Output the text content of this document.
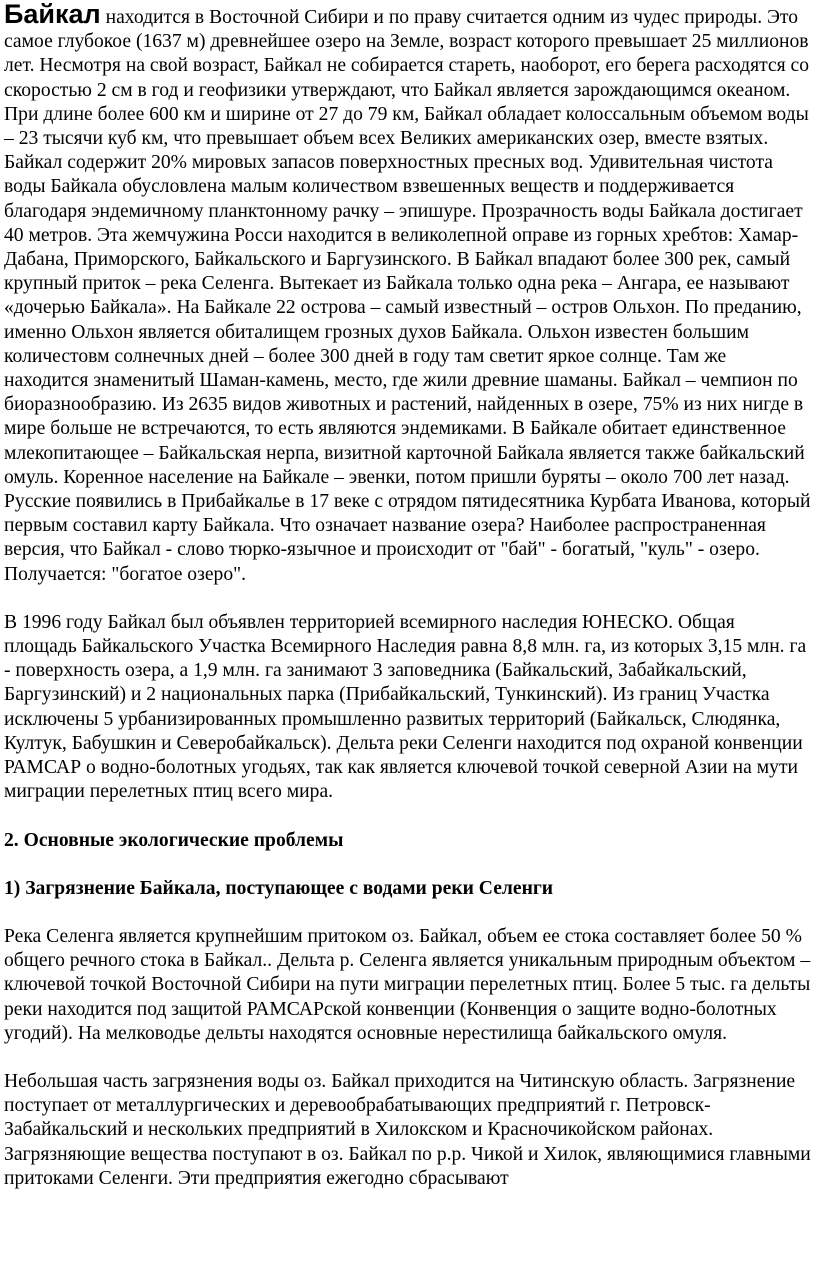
Байкал находится в Восточной Сибири и по праву считается одним из чудес природы. Это самое глубокое (1637 м) древнейшее озеро на Земле, возраст которого превышает 25 миллионов лет. Несмотря на свой возраст, Байкал не собирается стареть, наоборот, его берега расходятся со скоростью 2 см в год и геофизики утверждают, что Байкал является зарождающимся океаном. При длине более 600 км и ширине от 27 до 79 км, Байкал обладает колоссальным объемом воды – 23 тысячи куб км, что превышает объем всех Великих американских озер, вместе взятых. Байкал содержит 20% мировых запасов поверхностных пресных вод. Удивительная чистота воды Байкала обусловлена малым количеством взвешенных веществ и поддерживается благодаря эндемичному планктонному рачку – эпишуре. Прозрачность воды Байкала достигает 40 метров. Эта жемчужина Росси находится в великолепной оправе из горных хребтов: Хамар-Дабана, Приморского, Байкальского и Баргузинского. В Байкал впадают более 300 рек, самый крупный приток – река Селенга. Вытекает из Байкала только одна река – Ангара, ее называют «дочерью Байкала». На Байкале 22 острова – самый известный – остров Ольхон. По преданию, именно Ольхон является обиталищем грозных духов Байкала. Ольхон известен большим количестовм солнечных дней – более 300 дней в году там светит яркое солнце. Там же находится знаменитый Шаман-камень, место, где жили древние шаманы. Байкал – чемпион по биоразнообразию. Из 2635 видов животных и растений, найденных в озере, 75% из них нигде в мире больше не встречаются, то есть являются эндемиками. В Байкале обитает единственное млекопитающее – Байкальская нерпа, визитной карточной Байкала является также байкальский омуль. Коренное население на Байкале – эвенки, потом пришли буряты – около 700 лет назад. Русские появились в Прибайкалье в 17 веке с отрядом пятидесятника Курбата Иванова, который первым составил карту Байкала. Что означает название озера? Наиболее распространенная версия, что Байкал - слово тюрко-язычное и происходит от "бай" - богатый, "куль" - озеро. Получается: "богатое озеро".

В 1996 году Байкал был объявлен территорией всемирного наследия ЮНЕСКО. Общая площадь Байкальского Участка Всемирного Наследия равна 8,8 млн. га, из которых 3,15 млн. га - поверхность озера, а 1,9 млн. га занимают 3 заповедника (Байкальский, Забайкальский, Баргузинский) и 2 национальных парка (Прибайкальский, Тункинский). Из границ Участка исключены 5 урбанизированных промышленно развитых территорий (Байкальск, Слюдянка, Култук, Бабушкин и Северобайкальск). Дельта реки Селенги находится под охраной конвенции РАМСАР о водно-болотных угодьях, так как является ключевой точкой северной Азии на мути миграции перелетных птиц всего мира.

2. Основные экологические проблемы

1) Загрязнение Байкала, поступающее с водами реки Селенги

Река Селенга является крупнейшим притоком оз. Байкал, объем ее стока составляет более 50 % общего речного стока в Байкал.. Дельта р. Селенга является уникальным природным объектом – ключевой точкой Восточной Сибири на пути миграции перелетных птиц. Более 5 тыс. га дельты реки находится под защитой РАМСАРской конвенции (Конвенция о защите водно-болотных угодий). На мелководье дельты находятся основные нерестилища байкальского омуля.

Небольшая часть загрязнения воды оз. Байкал приходится на Читинскую область. Загрязнение поступает от металлургических и деревообрабатывающих предприятий г. Петровск-Забайкальский и нескольких предприятий в Хилокском и Красночикойском районах. Загрязняющие вещества поступают в оз. Байкал по р.р. Чикой и Хилок, являющимися главными притоками Селенги. Эти предприятия ежегодно сбрасывают
